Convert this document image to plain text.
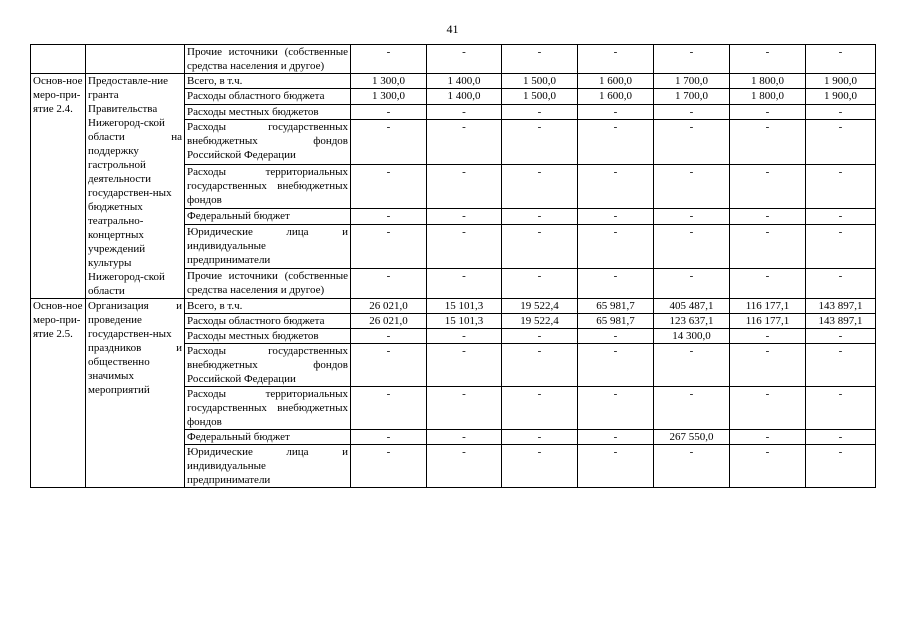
41
		Прочие источники (собственные средства населения и другое)	-	-	-	-	-	-	-
Основ-ное меро-при-ятие 2.4.	Предоставле-ние гранта Правительства Нижегород-ской области на поддержку гастрольной деятельности государствен-ных бюджетных театрально-концертных учреждений культуры Нижегород-ской области	Всего, в т.ч.	1 300,0	1 400,0	1 500,0	1 600,0	1 700,0	1 800,0	1 900,0
		Расходы областного бюджета	1 300,0	1 400,0	1 500,0	1 600,0	1 700,0	1 800,0	1 900,0
		Расходы местных бюджетов	-	-	-	-	-	-	-
		Расходы государственных внебюджетных фондов Российской Федерации	-	-	-	-	-	-	-
		Расходы территориальных государственных внебюджетных фондов	-	-	-	-	-	-	-
		Федеральный бюджет	-	-	-	-	-	-	-
		Юридические лица и индивидуальные предприниматели	-	-	-	-	-	-	-
		Прочие источники (собственные средства населения и другое)	-	-	-	-	-	-	-
Основ-ное меро-при-ятие 2.5.	Организация и проведение государствен-ных праздников и общественно значимых мероприятий	Всего, в т.ч.	26 021,0	15 101,3	19 522,4	65 981,7	405 487,1	116 177,1	143 897,1
		Расходы областного бюджета	26 021,0	15 101,3	19 522,4	65 981,7	123 637,1	116 177,1	143 897,1
		Расходы местных бюджетов	-	-	-	-	14 300,0	-	-
		Расходы государственных внебюджетных фондов Российской Федерации	-	-	-	-	-	-	-
		Расходы территориальных государственных внебюджетных фондов	-	-	-	-	-	-	-
		Федеральный бюджет	-	-	-	-	267 550,0	-	-
		Юридические лица и индивидуальные предприниматели	-	-	-	-	-	-	-
